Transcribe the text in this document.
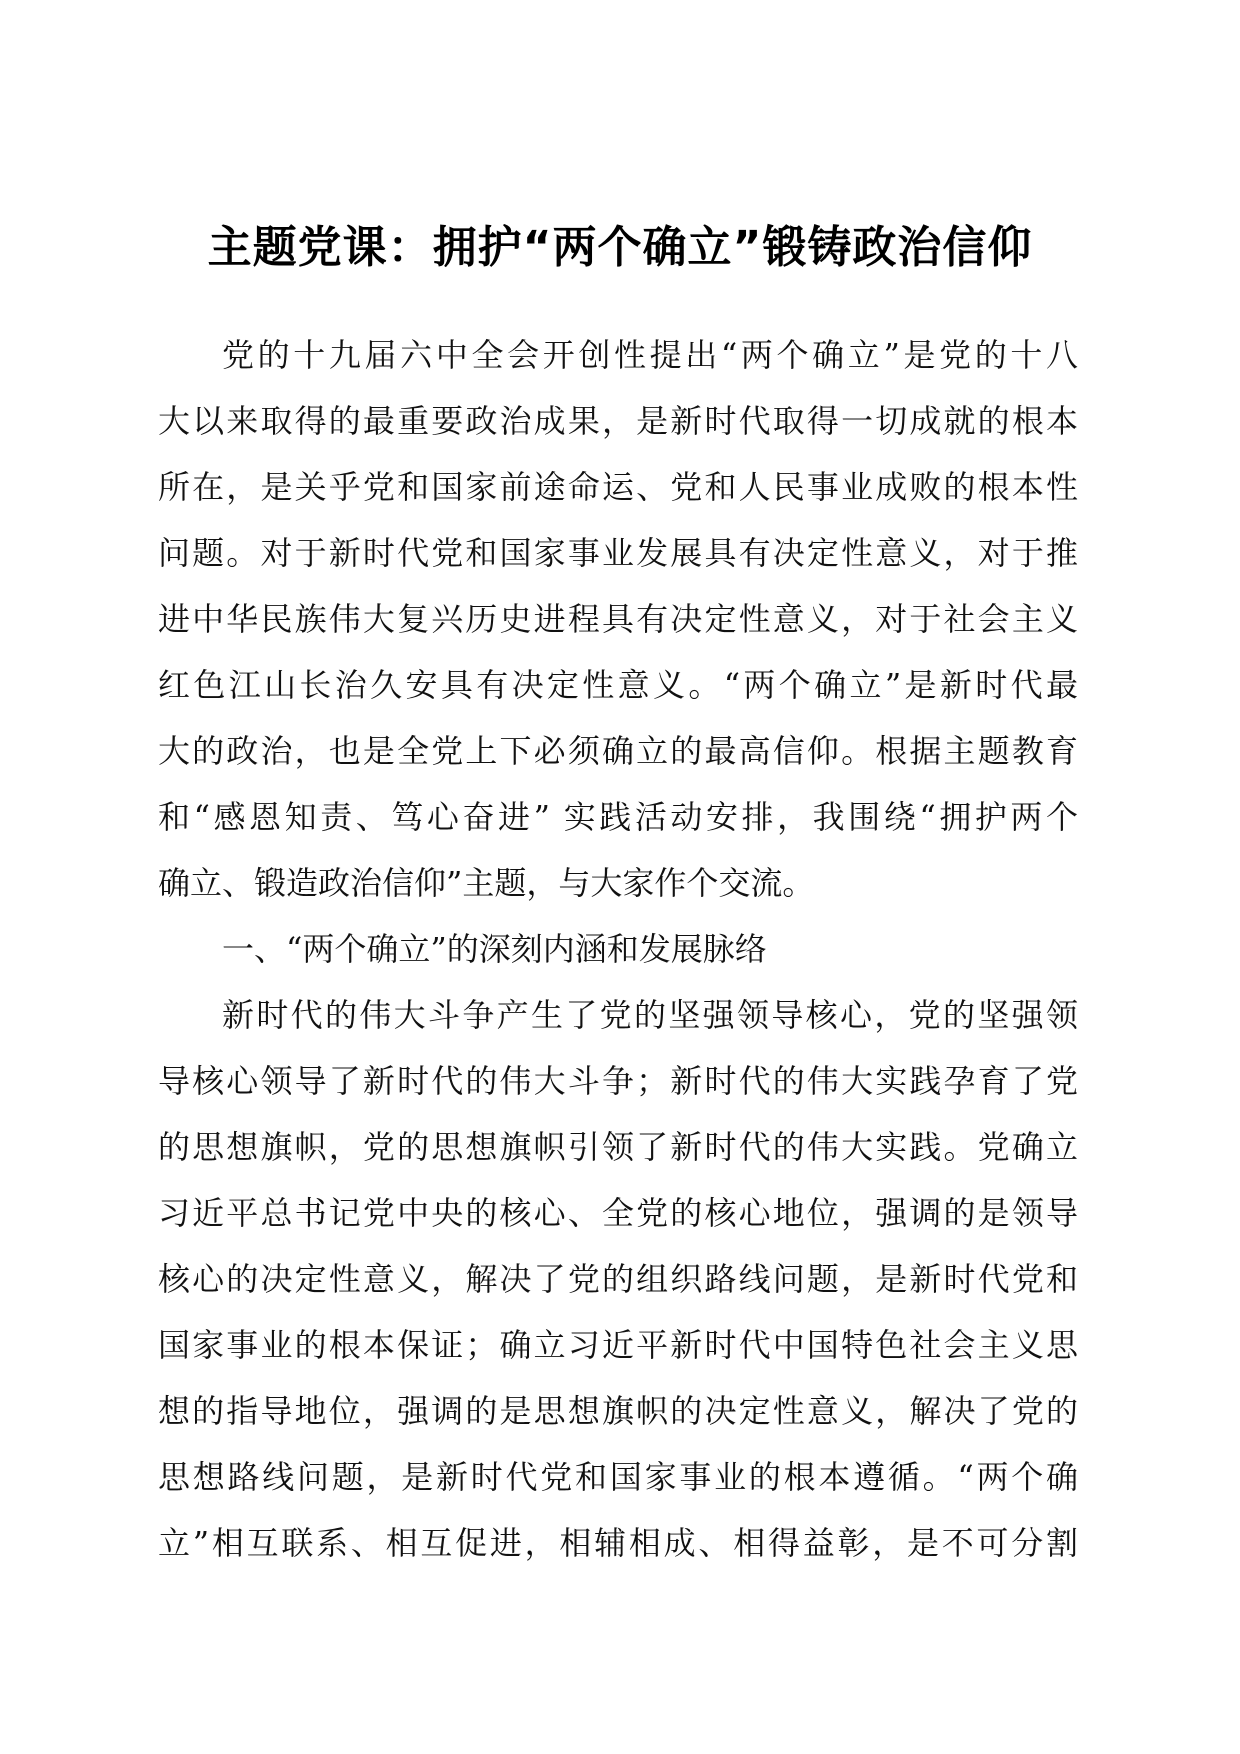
主题党课：拥护“两个确立”锻铸政治信仰
党的十九届六中全会开创性提出“两个确立”是党的十八
大以来取得的最重要政治成果，是新时代取得一切成就的根本
所在，是关乎党和国家前途命运、党和人民事业成败的根本性
问题。对于新时代党和国家事业发展具有决定性意义，对于推
进中华民族伟大复兴历史进程具有决定性意义，对于社会主义
红色江山长治久安具有决定性意义。“两个确立”是新时代最
大的政治，也是全党上下必须确立的最高信仰。根据主题教育
和“感恩知责、笃心奋进” 实践活动安排，我围绕“拥护两个
确立、锻造政治信仰”主题，与大家作个交流。
一、“两个确立”的深刻内涵和发展脉络
新时代的伟大斗争产生了党的坚强领导核心，党的坚强领
导核心领导了新时代的伟大斗争；新时代的伟大实践孕育了党
的思想旗帜，党的思想旗帜引领了新时代的伟大实践。党确立
习近平总书记党中央的核心、全党的核心地位，强调的是领导
核心的决定性意义，解决了党的组织路线问题，是新时代党和
国家事业的根本保证；确立习近平新时代中国特色社会主义思
想的指导地位，强调的是思想旗帜的决定性意义，解决了党的
思想路线问题，是新时代党和国家事业的根本遵循。“两个确
立”相互联系、相互促进，相辅相成、相得益彰，是不可分割
